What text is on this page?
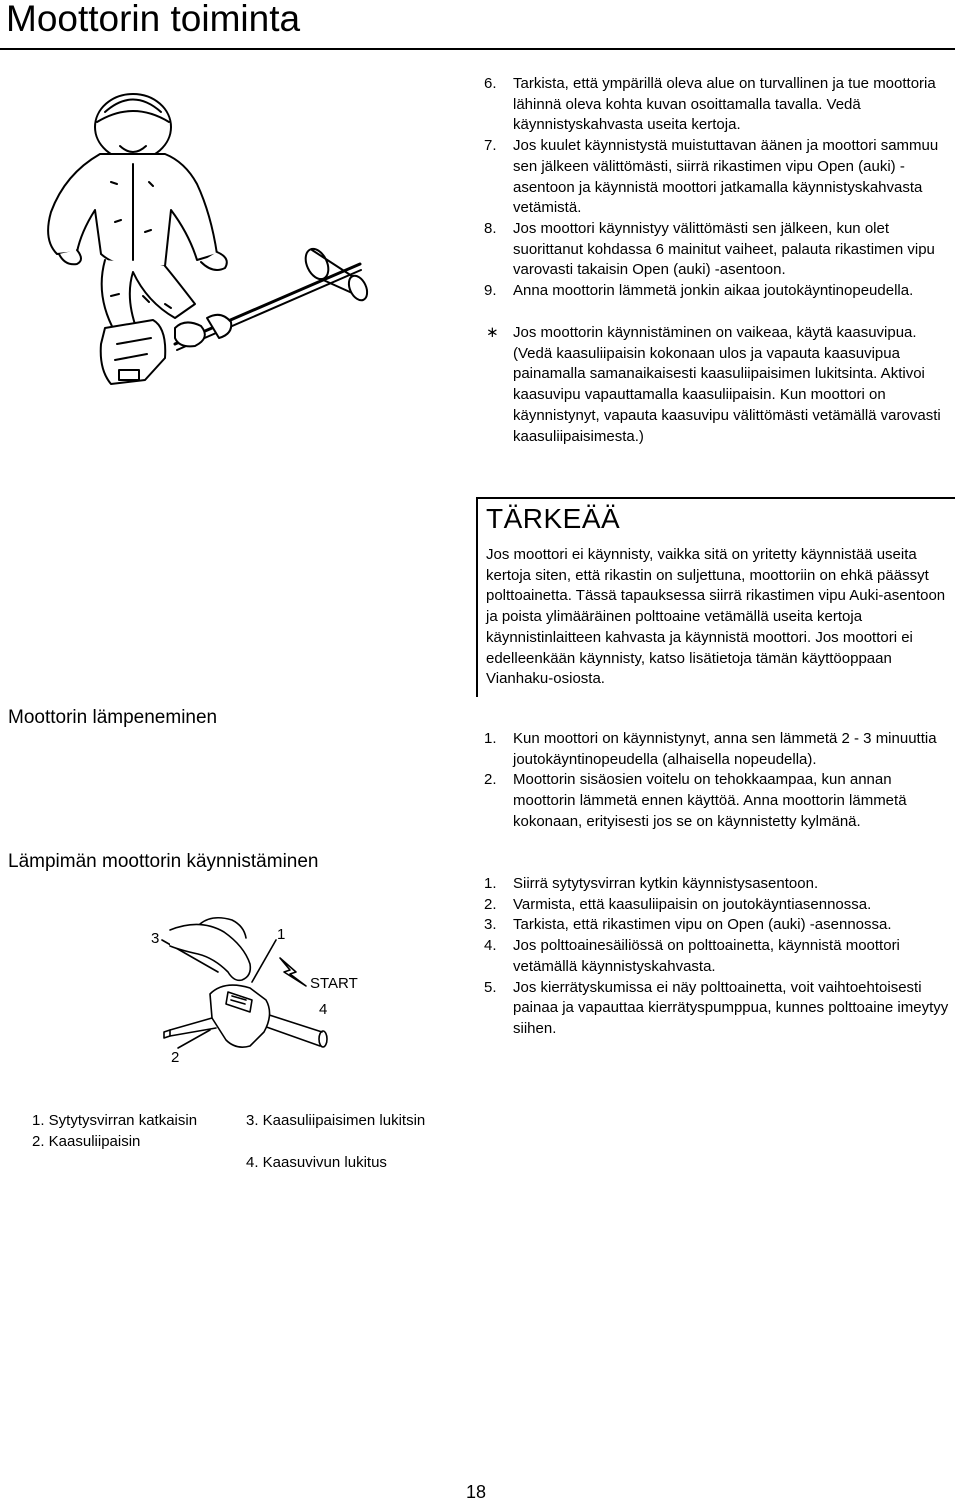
Moottorin toiminta
6. Tarkista, että ympärillä oleva alue on turvallinen ja tue moottoria lähinnä oleva kohta kuvan osoittamalla tavalla. Vedä käynnistyskahvasta useita kertoja.
7. Jos kuulet käynnistystä muistuttavan äänen ja moottori sammuu sen jälkeen välittömästi, siirrä rikastimen vipu Open (auki) -asentoon ja käynnistä moottori jatkamalla käynnistyskahvasta vetämistä.
8. Jos moottori käynnistyy välittömästi sen jälkeen, kun olet suorittanut kohdassa 6 mainitut vaiheet, palauta rikastimen vipu varovasti takaisin Open (auki) -asentoon.
9. Anna moottorin lämmetä jonkin aikaa joutokäyntinopeudella.
∗ Jos moottorin käynnistäminen on vaikeaa, käytä kaasuvipua. (Vedä kaasuliipaisin kokonaan ulos ja vapauta kaasuvipua painamalla samanaikaisesti kaasuliipaisimen lukitsinta. Aktivoi kaasuvipu vapauttamalla kaasuliipaisin. Kun moottori on käynnistynyt, vapauta kaasuvipu välittömästi vetämällä varovasti kaasuliipaisimesta.)
TÄRKEÄÄ
Jos moottori ei käynnisty, vaikka sitä on yritetty käynnistää useita kertoja siten, että rikastin on suljettuna, moottoriin on ehkä päässyt polttoainetta. Tässä tapauksessa siirrä rikastimen vipu Auki-asentoon ja poista ylimääräinen polttoaine vetämällä useita kertoja käynnistinlaitteen kahvasta ja käynnistä moottori. Jos moottori ei edelleenkään käynnisty, katso lisätietoja tämän käyttöoppaan Vianhaku-osiosta.
Moottorin lämpeneminen
1. Kun moottori on käynnistynyt, anna sen lämmetä 2 - 3 minuuttia joutokäyntinopeudella (alhaisella nopeudella).
2. Moottorin sisäosien voitelu on tehokkaampaa, kun annan moottorin lämmetä ennen käyttöä. Anna moottorin lämmetä kokonaan, erityisesti jos se on käynnistetty kylmänä.
Lämpimän moottorin käynnistäminen
1. Siirrä sytytysvirran kytkin käynnistysasentoon.
2. Varmista, että kaasuliipaisin on joutokäyntiasennossa.
3. Tarkista, että rikastimen vipu on Open (auki) -asennossa.
4. Jos polttoainesäiliössä on polttoainetta, käynnistä moottori vetämällä käynnistyskahvasta.
5. Jos kierrätyskumissa ei näy polttoainetta, voit vaihtoehtoisesti painaa ja vapauttaa kierrätyspumppua, kunnes polttoaine imeytyy siihen.
3	1
START
4
2
1. Sytytysvirran katkaisin
2. Kaasuliipaisin
3. Kaasuliipaisimen lukitsin
4. Kaasuvivun lukitus
18
